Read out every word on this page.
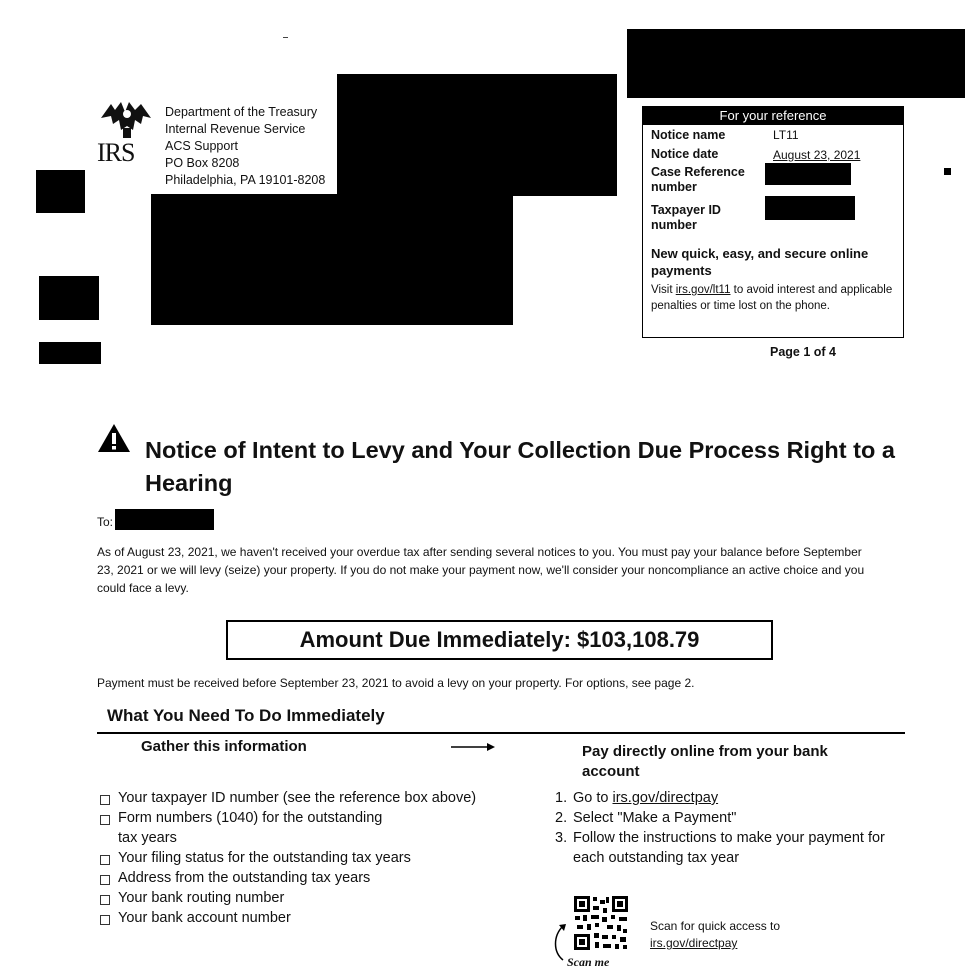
IRS
Department of the Treasury
Internal Revenue Service
ACS Support
PO Box 8208
Philadelphia, PA 19101-8208
For your reference
Notice name	LT11
Notice date	August 23, 2021
Case Reference
number
Taxpayer ID
number
New quick, easy, and secure online payments
Visit irs.gov/lt11 to avoid interest and applicable penalties or time lost on the phone.
Page 1 of 4
Notice of Intent to Levy and Your Collection Due Process Right to a Hearing
To:
As of August 23, 2021, we haven't received your overdue tax after sending several notices to you. You must pay your balance before September 23, 2021 or we will levy (seize) your property. If you do not make your payment now, we'll consider your noncompliance an active choice and you could face a levy.
Amount Due Immediately: $103,108.79
Payment must be received before September 23, 2021 to avoid a levy on your property. For options, see page 2.
What You Need To Do Immediately
Gather this information	Pay directly online from your bank account
Your taxpayer ID number (see the reference box above)
Form numbers (1040) for the outstanding tax years
Your filing status for the outstanding tax years
Address from the outstanding tax years
Your bank routing number
Your bank account number
1. Go to irs.gov/directpay
2. Select "Make a Payment"
3. Follow the instructions to make your payment for each outstanding tax year
Scan for quick access to
irs.gov/directpay
Scan me
